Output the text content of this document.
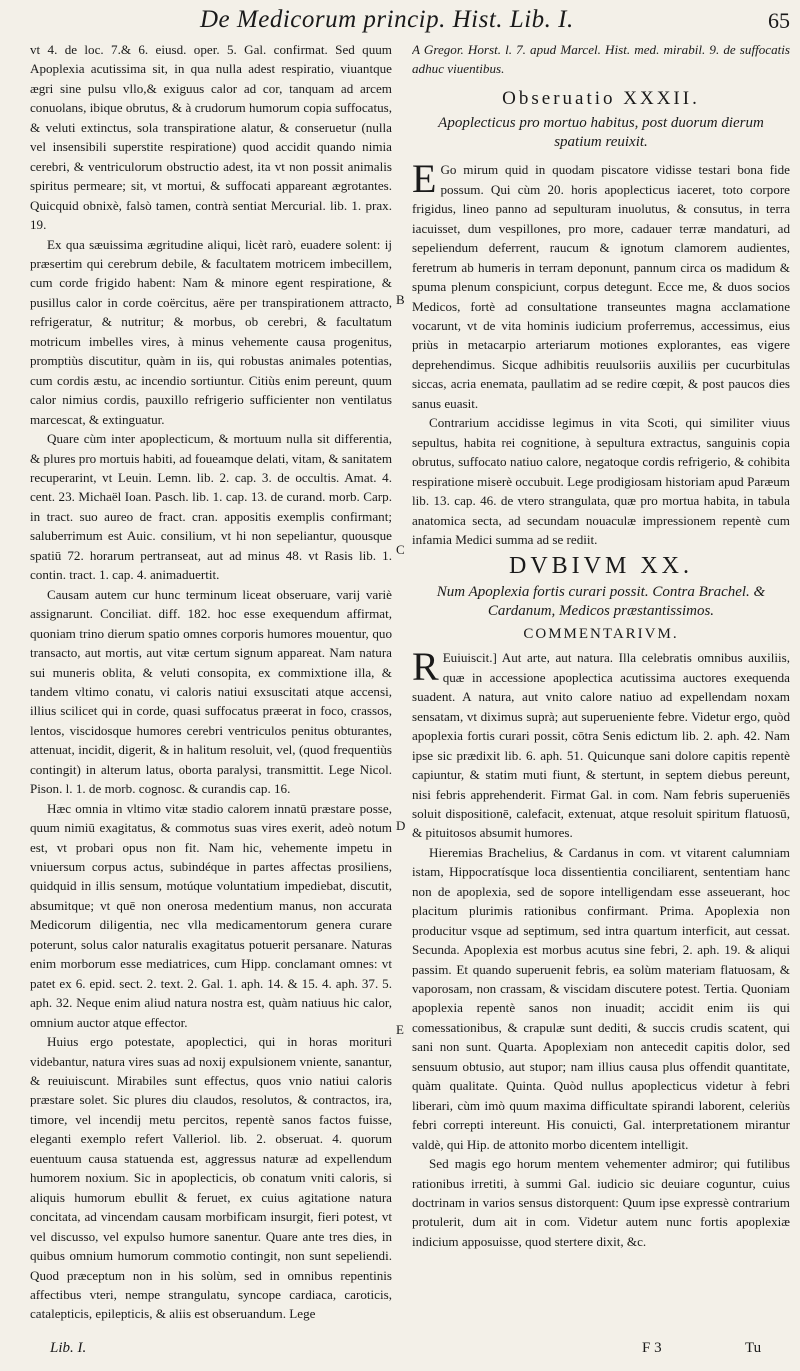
De Medicorum princip. Hist. Lib. I.	65

vt 4. de loc. 7.& 6. eiusd. oper. 5. Gal. confirmat. Sed quum Apoplexia acutissima sit, in qua nulla adest respiratio, viuantque ægri sine pulsu vllo,& exiguus calor ad cor, tanquam ad arcem conuolans, ibique obrutus, & à crudorum humorum copia suffocatus, & veluti extinctus, sola transpiratione alatur, & conseruetur (nulla vel insensibili superstite respiratione) quod accidit quando nimia cerebri, & ventriculorum obstructio adest, ita vt non possit animalis spiritus permeare; sit, vt mortui, & suffocati appareant ægrotantes. Quicquid obnixè, falsò tamen, contrà sentiat Mercurial. lib. 1. prax. 19.

Ex qua sæuissima ægritudine aliqui, licèt rarò, euadere solent: ij præsertim qui cerebrum debile, & facultatem motricem imbecillem, cum corde frigido habent: Nam & minore egent respiratione, & pusillus calor in corde coërcitus, aëre per transpirationem attracto, refrigeratur, & nutritur; & morbus, ob cerebri, & facultatum motricum imbelles vires, à minus vehemente causa progenitus, promptiùs discutitur, quàm in iis, qui robustas animales potentias, cum cordis æstu, ac incendio sortiuntur. Citiùs enim pereunt, quum calor nimius cordis, pauxillo refrigerio sufficienter non ventilatus marcescat, & extinguatur.

Quare cùm inter apoplecticum, & mortuum nulla sit differentia, & plures pro mortuis habiti, ad foueamque delati, vitam, & sanitatem recuperarint, vt Leuin. Lemn. lib. 2. cap. 3. de occultis. Amat. 4. cent. 23. Michaël Ioan. Pasch. lib. 1. cap. 13. de curand. morb. Carp. in tract. suo aureo de fract. cran. appositis exemplis confirmant; saluberrimum est Auic. consilium, vt hi non sepeliantur, quousque spatiū 72. horarum pertranseat, aut ad minus 48. vt Rasis lib. 1. contin. tract. 1. cap. 4. animaduertit.

Causam autem cur hunc terminum liceat obseruare, varij variè assignarunt. Conciliat. diff. 182. hoc esse exequendum affirmat, quoniam trino dierum spatio omnes corporis humores mouentur, quo transacto, aut mortis, aut vitæ certum signum appareat. Nam natura sui muneris oblita, & veluti consopita, ex commixtione illa, & tandem vltimo conatu, vi caloris natiui exsuscitati atque accensi, illius scilicet qui in corde, quasi suffocatus præerat in foco, crassos, lentos, viscidosque humores cerebri ventriculos penitus obturantes, attenuat, incidit, digerit, & in halitum resoluit, vel, (quod frequentiùs contingit) in alterum latus, oborta paralysi, transmittit. Lege Nicol. Pison. l. 1. de morb. cognosc. & curandis cap. 16.

Hæc omnia in vltimo vitæ stadio calorem innatū præstare posse, quum nimiū exagitatus, & commotus suas vires exerit, adeò notum est, vt probari opus non fit. Nam hic, vehemente impetu in vniuersum corpus actus, subindéque in partes affectas prosiliens, quidquid in illis sensum, motúque voluntatium impediebat, discutit, absumitque; vt quē non onerosa medentium manus, non accurata Medicorum diligentia, nec vlla medicamentorum genera curare poterunt, solus calor naturalis exagitatus potuerit persanare. Naturas enim morborum esse mediatrices, cum Hipp. conclamant omnes: vt patet ex 6. epid. sect. 2. text. 2. Gal. 1. aph. 14. & 15. 4. aph. 37. 5. aph. 32. Neque enim aliud natura nostra est, quàm natiuus hic calor, omnium auctor atque effector.

Huius ergo potestate, apoplectici, qui in horas morituri videbantur, natura vires suas ad noxij expulsionem vniente, sanantur, & reuiuiscunt. Mirabiles sunt effectus, quos vnio natiui caloris præstare solet. Sic plures diu claudos, resolutos, & contractos, ira, timore, vel incendij metu percitos, repentè sanos factos fuisse, eleganti exemplo refert Valleriol. lib. 2. obseruat. 4. quorum euentuum causa statuenda est, aggressus naturæ ad expellendum humorem noxium. Sic in apoplecticis, ob conatum vniti caloris, si aliquis humorum ebullit & feruet, ex cuius agitatione natura concitata, ad vincendam causam morbificam insurgit, fieri potest, vt vel discusso, vel expulso humore sanentur. Quare ante tres dies, in quibus omnium humorum commotio contingit, non sunt sepeliendi. Quod præceptum non in his solùm, sed in omnibus repentinis affectibus vteri, nempe strangulatu, syncope cardiaca, caroticis, catalepticis, epilepticis, & aliis est obseruandum. Lege

B
C
D
E

A Gregor. Horst. l. 7. apud Marcel. Hist. med. mirabil. 9. de suffocatis adhuc viuentibus.

Obseruatio XXXII.
Apoplecticus pro mortuo habitus, post duorum dierum spatium reuixit.

E Go mirum quid in quodam piscatore vidisse testari bona fide possum. Qui cùm 20. horis apoplecticus iaceret, toto corpore frigidus, lineo panno ad sepulturam inuolutus, & consutus, in terra iacuisset, dum vespillones, pro more, cadauer terræ mandaturi, ad sepeliendum deferrent, raucum & ignotum clamorem audientes, feretrum ab humeris in terram deponunt, pannum circa os madidum & spuma plenum conspiciunt, corpus detegunt. Ecce me, & duos socios Medicos, fortè ad consultatione transeuntes magna acclamatione vocarunt, vt de vita hominis iudicium proferremus, accessimus, eius priùs in metacarpio arteriarum motiones explorantes, eas vigere deprehendimus. Sicque adhibitis reuulsoriis auxiliis per cucurbitulas siccas, acria enemata, paullatim ad se redire cœpit, & post paucos dies sanus euasit.

Contrarium accidisse legimus in vita Scoti, qui similiter viuus sepultus, habita rei cognitione, à sepultura extractus, sanguinis copia obrutus, suffocato natiuo calore, negatoque cordis refrigerio, & cohibita respiratione miserè occubuit. Lege prodigiosam historiam apud Paræum lib. 13. cap. 46. de vtero strangulata, quæ pro mortua habita, in tabula anatomica secta, ad secundam nouaculæ impressionem repentè cum infamia Medici summa ad se rediit.

DVBIVM XX.
Num Apoplexia fortis curari possit. Contra Brachel. & Cardanum, Medicos præstantissimos.
COMMENTARIVM.

R Euiuiscit.] Aut arte, aut natura. Illa celebratis omnibus auxiliis, quæ in accessione apoplectica acutissima auctores exequenda suadent. A natura, aut vnito calore natiuo ad expellendam noxam sensatam, vt diximus suprà; aut superueniente febre. Videtur ergo, quòd apoplexia fortis curari possit, cōtra Senis edictum lib. 2. aph. 42. Nam ipse sic prædixit lib. 6. aph. 51. Quicunque sani dolore capitis repentè capiuntur, & statim muti fiunt, & stertunt, in septem diebus pereunt, nisi febris apprehenderit. Firmat Gal. in com. Nam febris superueniēs soluit dispositionē, calefacit, extenuat, atque resoluit spiritum flatuosū, & pituitosos absumit humores.

Hieremias Brachelius, & Cardanus in com. vt vitarent calumniam istam, Hippocratísque loca dissentientia conciliarent, sententiam hanc non de apoplexia, sed de sopore intelligendam esse asseuerant, hoc placitum plurimis rationibus confirmant. Prima. Apoplexia non producitur vsque ad septimum, sed intra quartum interficit, aut cessat. Secunda. Apoplexia est morbus acutus sine febri, 2. aph. 19. & aliqui passim. Et quando superuenit febris, ea solùm materiam flatuosam, & vaporosam, non crassam, & viscidam discutere potest. Tertia. Quoniam apoplexia repentè sanos non inuadit; accidit enim iis qui comessationibus, & crapulæ sunt dediti, & succis crudis scatent, qui sani non sunt. Quarta. Apoplexiam non antecedit capitis dolor, sed sensuum obtusio, aut stupor; nam illius causa plus offendit quantitate, quàm qualitate. Quinta. Quòd nullus apoplecticus videtur à febri liberari, cùm imò quum maxima difficultate spirandi laborent, celeriùs febri correpti intereunt. His conuicti, Gal. interpretationem mirantur valdè, qui Hip. de attonito morbo dicentem intelligit.

Sed magis ego horum mentem vehementer admiror; qui futilibus rationibus irretiti, à summi Gal. iudicio sic deuiare coguntur, cuius doctrinam in varios sensus distorquent: Quum ipse expressè contrarium protulerit, dum ait in com. Videtur autem nunc fortis apoplexiæ indicium apposuisse, quod stertere dixit, &c.

Lib. I.	F 3	Tu
